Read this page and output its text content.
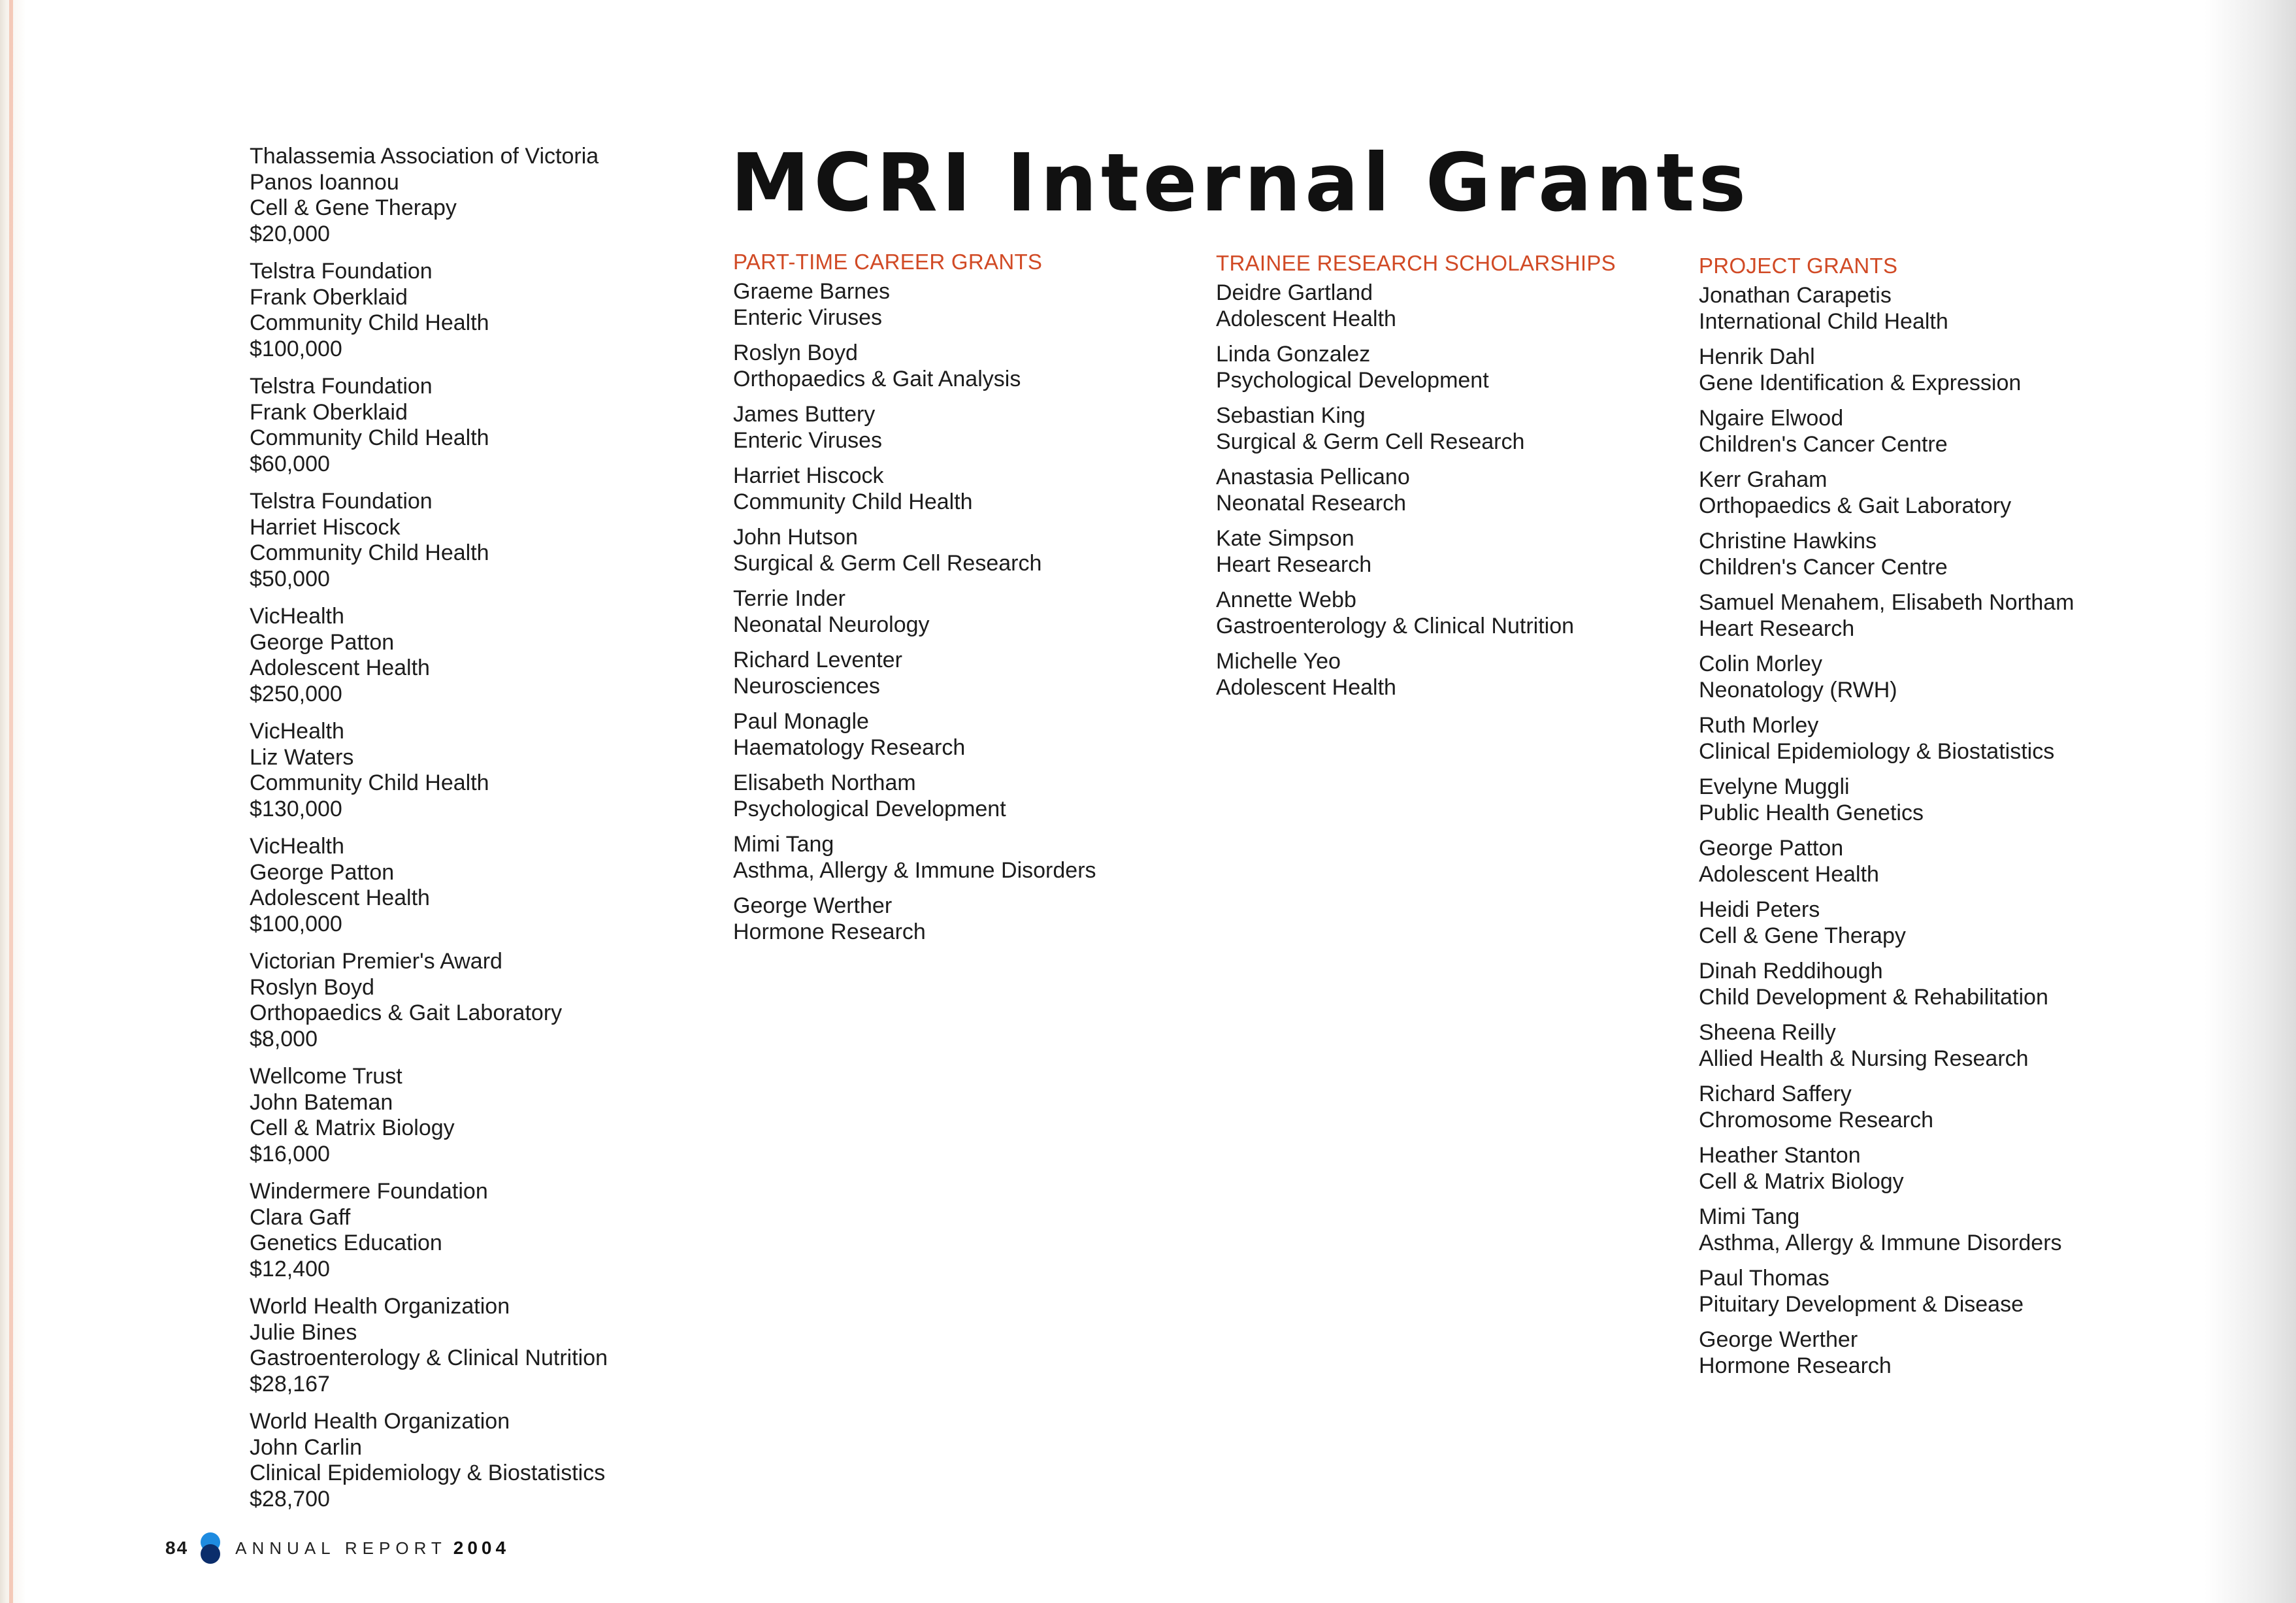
MCRI Internal Grants
Thalassemia Association of Victoria
Panos Ioannou
Cell & Gene Therapy
$20,000
Telstra Foundation
Frank Oberklaid
Community Child Health
$100,000
Telstra Foundation
Frank Oberklaid
Community Child Health
$60,000
Telstra Foundation
Harriet Hiscock
Community Child Health
$50,000
VicHealth
George Patton
Adolescent Health
$250,000
VicHealth
Liz Waters
Community Child Health
$130,000
VicHealth
George Patton
Adolescent Health
$100,000
Victorian Premier's Award
Roslyn Boyd
Orthopaedics & Gait Laboratory
$8,000
Wellcome Trust
John Bateman
Cell & Matrix Biology
$16,000
Windermere Foundation
Clara Gaff
Genetics Education
$12,400
World Health Organization
Julie Bines
Gastroenterology & Clinical Nutrition
$28,167
World Health Organization
John Carlin
Clinical Epidemiology & Biostatistics
$28,700
PART-TIME CAREER GRANTS
Graeme Barnes
Enteric Viruses
Roslyn Boyd
Orthopaedics & Gait Analysis
James Buttery
Enteric Viruses
Harriet Hiscock
Community Child Health
John Hutson
Surgical & Germ Cell Research
Terrie Inder
Neonatal Neurology
Richard Leventer
Neurosciences
Paul Monagle
Haematology Research
Elisabeth Northam
Psychological Development
Mimi Tang
Asthma, Allergy & Immune Disorders
George Werther
Hormone Research
TRAINEE RESEARCH SCHOLARSHIPS
Deidre Gartland
Adolescent Health
Linda Gonzalez
Psychological Development
Sebastian King
Surgical & Germ Cell Research
Anastasia Pellicano
Neonatal Research
Kate Simpson
Heart Research
Annette Webb
Gastroenterology & Clinical Nutrition
Michelle Yeo
Adolescent Health
PROJECT GRANTS
Jonathan Carapetis
International Child Health
Henrik Dahl
Gene Identification & Expression
Ngaire Elwood
Children's Cancer Centre
Kerr Graham
Orthopaedics & Gait Laboratory
Christine Hawkins
Children's Cancer Centre
Samuel Menahem, Elisabeth Northam
Heart Research
Colin Morley
Neonatology (RWH)
Ruth Morley
Clinical Epidemiology & Biostatistics
Evelyne Muggli
Public Health Genetics
George Patton
Adolescent Health
Heidi Peters
Cell & Gene Therapy
Dinah Reddihough
Child Development & Rehabilitation
Sheena Reilly
Allied Health & Nursing Research
Richard Saffery
Chromosome Research
Heather Stanton
Cell & Matrix Biology
Mimi Tang
Asthma, Allergy & Immune Disorders
Paul Thomas
Pituitary Development & Disease
George Werther
Hormone Research
84	ANNUAL REPORT 2004
